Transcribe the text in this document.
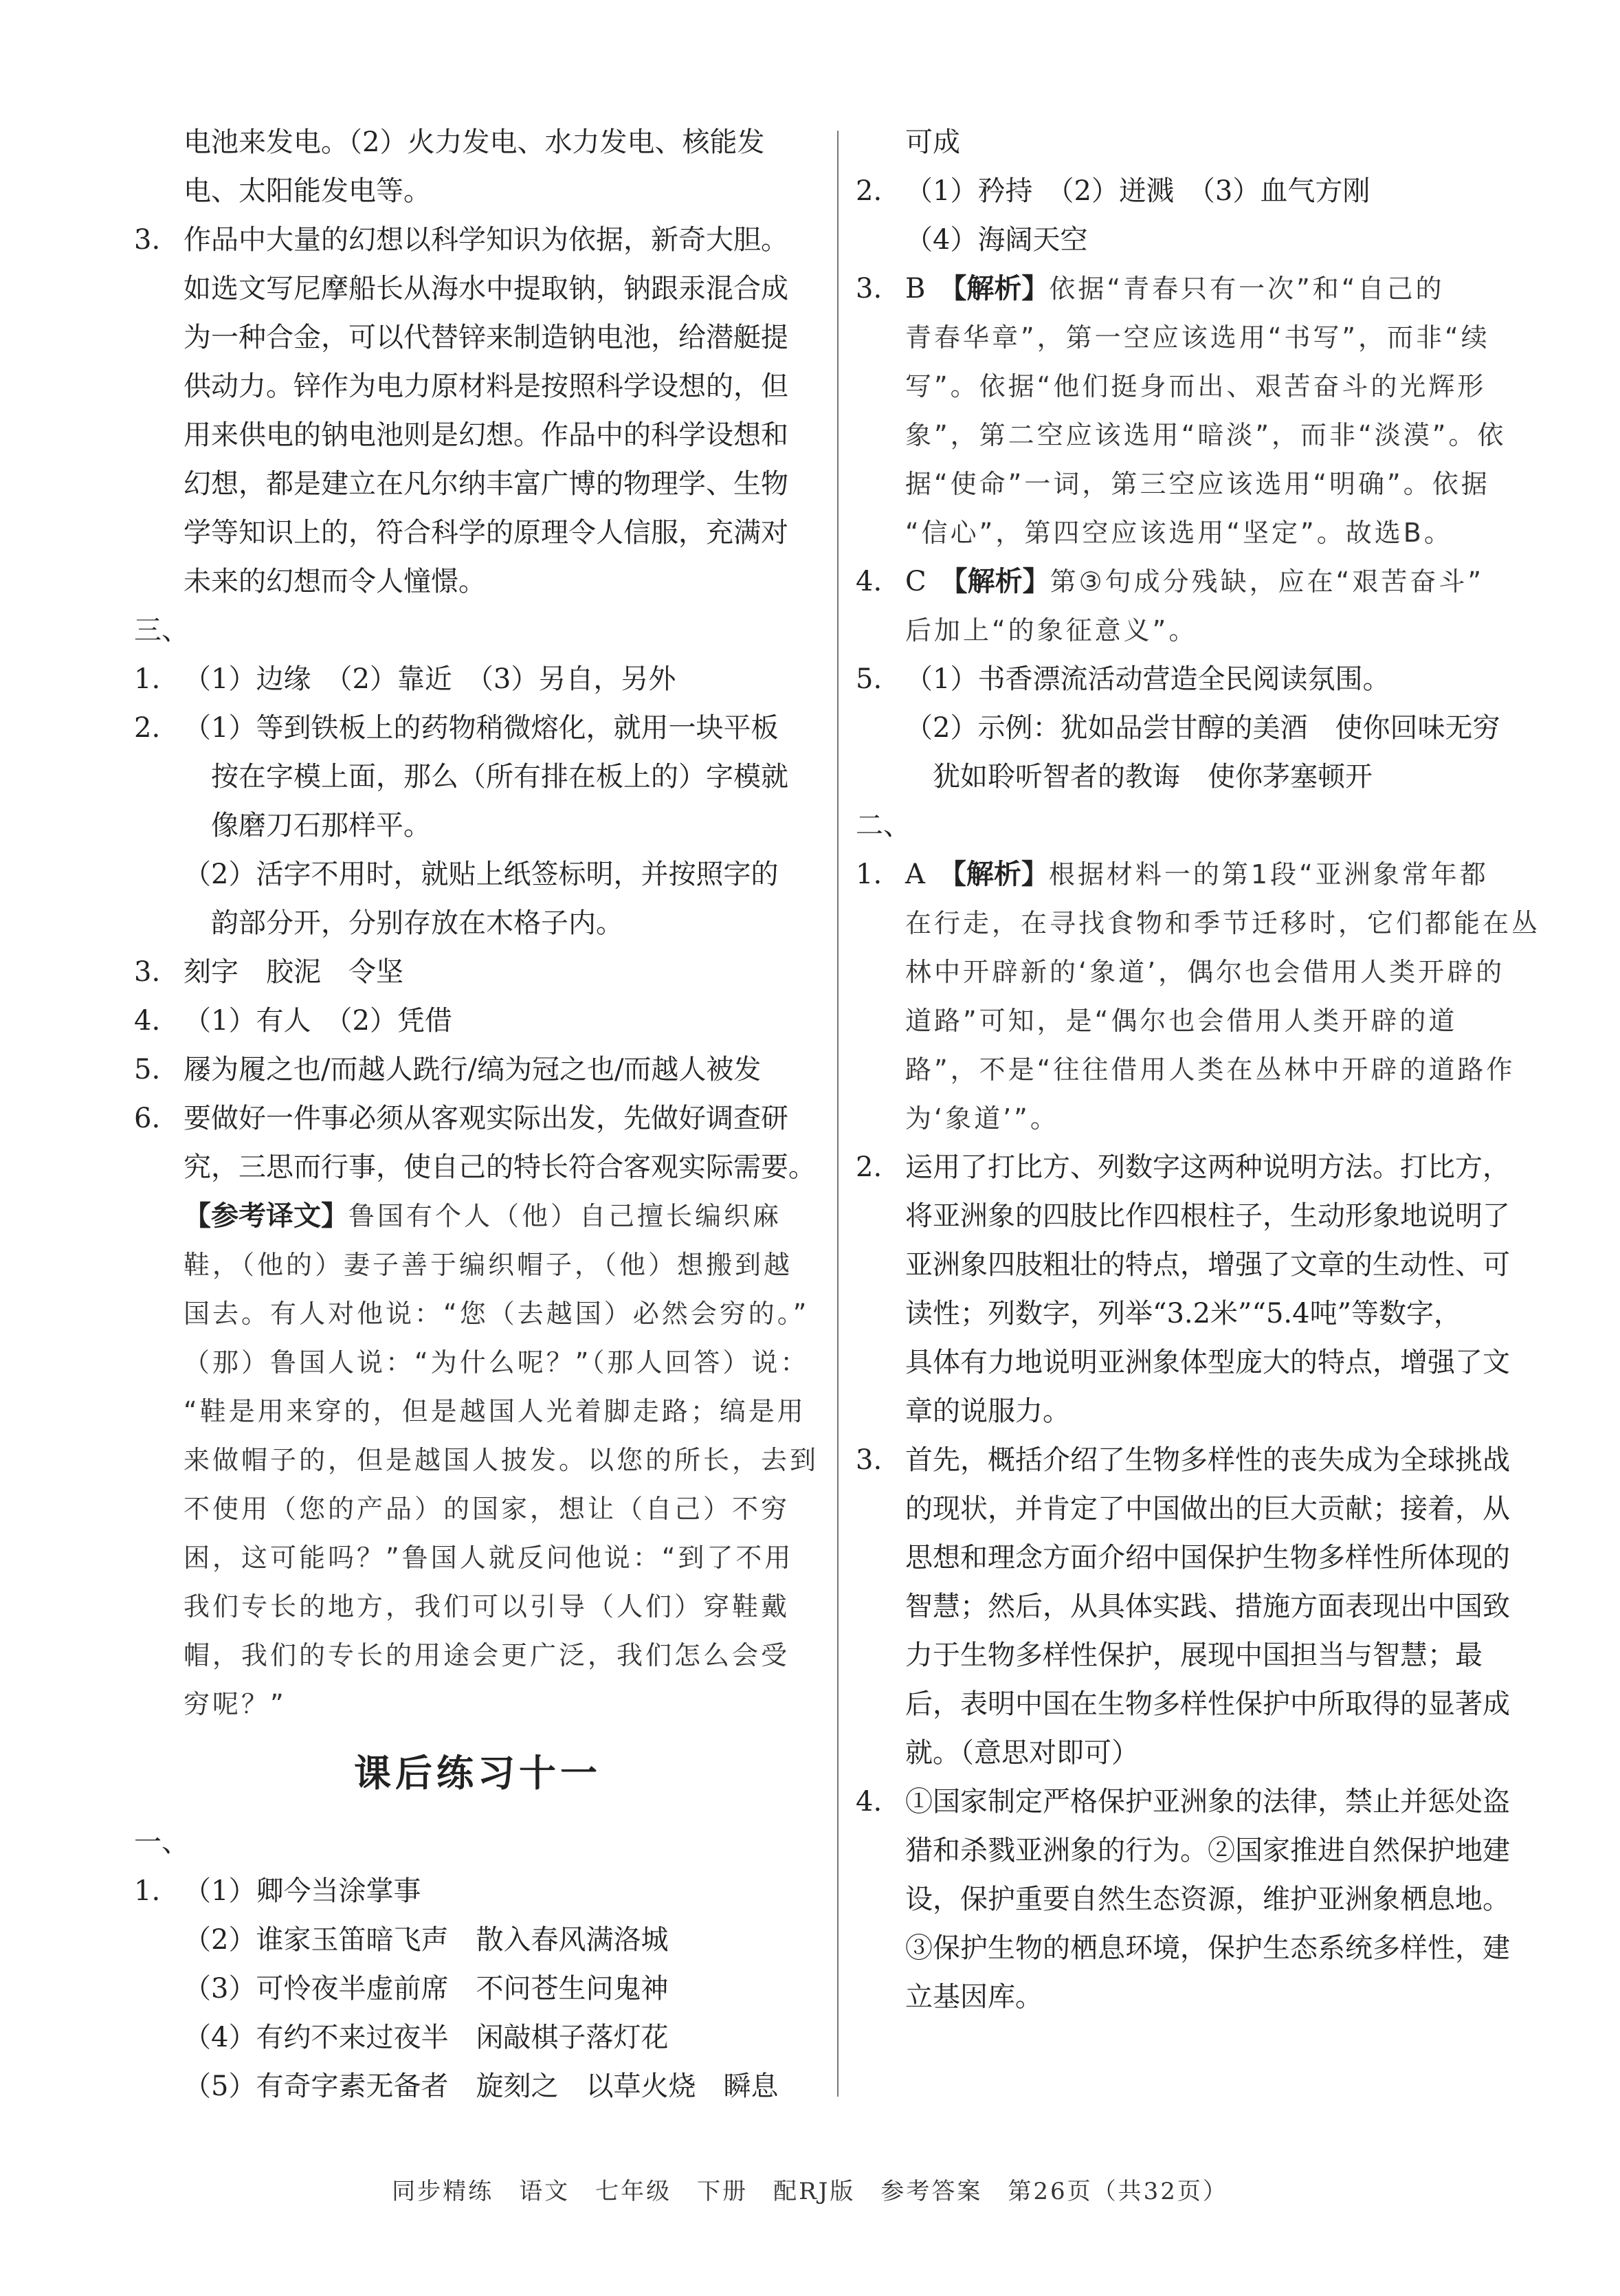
电池来发电。（2）火力发电、水力发电、核能发
电、太阳能发电等。
3. 作品中大量的幻想以科学知识为依据，新奇大胆。
如选文写尼摩船长从海水中提取钠，钠跟汞混合成
为一种合金，可以代替锌来制造钠电池，给潜艇提
供动力。锌作为电力原材料是按照科学设想的，但
用来供电的钠电池则是幻想。作品中的科学设想和
幻想，都是建立在凡尔纳丰富广博的物理学、生物
学等知识上的，符合科学的原理令人信服，充满对
未来的幻想而令人憧憬。
三、
1. （1）边缘　（2）靠近　（3）另自，另外
2. （1）等到铁板上的药物稍微熔化，就用一块平板
按在字模上面，那么（所有排在板上的）字模就
像磨刀石那样平。
（2）活字不用时，就贴上纸签标明，并按照字的
韵部分开，分别存放在木格子内。
3. 刻字　胶泥　令坚
4. （1）有人　（2）凭借
5. 屦为履之也/而越人跣行/缟为冠之也/而越人被发
6. 要做好一件事必须从客观实际出发，先做好调查研
究，三思而行事，使自己的特长符合客观实际需要。
【参考译文】鲁国有个人（他）自己擅长编织麻
鞋，（他的）妻子善于编织帽子，（他）想搬到越
国去。有人对他说：“您（去越国）必然会穷的。”
（那）鲁国人说：“为什么呢？”（那人回答）说：
“鞋是用来穿的，但是越国人光着脚走路；缟是用
来做帽子的，但是越国人披发。以您的所长，去到
不使用（您的产品）的国家，想让（自己）不穷
困，这可能吗？”鲁国人就反问他说：“到了不用
我们专长的地方，我们可以引导（人们）穿鞋戴
帽，我们的专长的用途会更广泛，我们怎么会受
穷呢？”
课后练习十一
一、
1. （1）卿今当涂掌事
（2）谁家玉笛暗飞声　散入春风满洛城
（3）可怜夜半虚前席　不问苍生问鬼神
（4）有约不来过夜半　闲敲棋子落灯花
（5）有奇字素无备者　旋刻之　以草火烧　瞬息
可成
2. （1）矜持　（2）迸溅　（3）血气方刚
（4）海阔天空
3. B　【解析】依据“青春只有一次”和“自己的
青春华章”，第一空应该选用“书写”，而非“续
写”。依据“他们挺身而出、艰苦奋斗的光辉形
象”，第二空应该选用“暗淡”，而非“淡漠”。依
据“使命”一词，第三空应该选用“明确”。依据
“信心”，第四空应该选用“坚定”。故选B。
4. C　【解析】第③句成分残缺，应在“艰苦奋斗”
后加上“的象征意义”。
5. （1）书香漂流活动营造全民阅读氛围。
（2）示例：犹如品尝甘醇的美酒　使你回味无穷
犹如聆听智者的教诲　使你茅塞顿开
二、
1. A　【解析】根据材料一的第1段“亚洲象常年都
在行走，在寻找食物和季节迁移时，它们都能在丛
林中开辟新的‘象道’，偶尔也会借用人类开辟的
道路”可知，是“偶尔也会借用人类开辟的道
路”，不是“往往借用人类在丛林中开辟的道路作
为‘象道’”。
2. 运用了打比方、列数字这两种说明方法。打比方，
将亚洲象的四肢比作四根柱子，生动形象地说明了
亚洲象四肢粗壮的特点，增强了文章的生动性、可
读性；列数字，列举“3.2米”“5.4吨”等数字，
具体有力地说明亚洲象体型庞大的特点，增强了文
章的说服力。
3. 首先，概括介绍了生物多样性的丧失成为全球挑战
的现状，并肯定了中国做出的巨大贡献；接着，从
思想和理念方面介绍中国保护生物多样性所体现的
智慧；然后，从具体实践、措施方面表现出中国致
力于生物多样性保护，展现中国担当与智慧；最
后，表明中国在生物多样性保护中所取得的显著成
就。（意思对即可）
4. ①国家制定严格保护亚洲象的法律，禁止并惩处盗
猎和杀戮亚洲象的行为。②国家推进自然保护地建
设，保护重要自然生态资源，维护亚洲象栖息地。
③保护生物的栖息环境，保护生态系统多样性，建
立基因库。
同步精练　语文　七年级　下册　配RJ版　参考答案　第26页（共32页）
